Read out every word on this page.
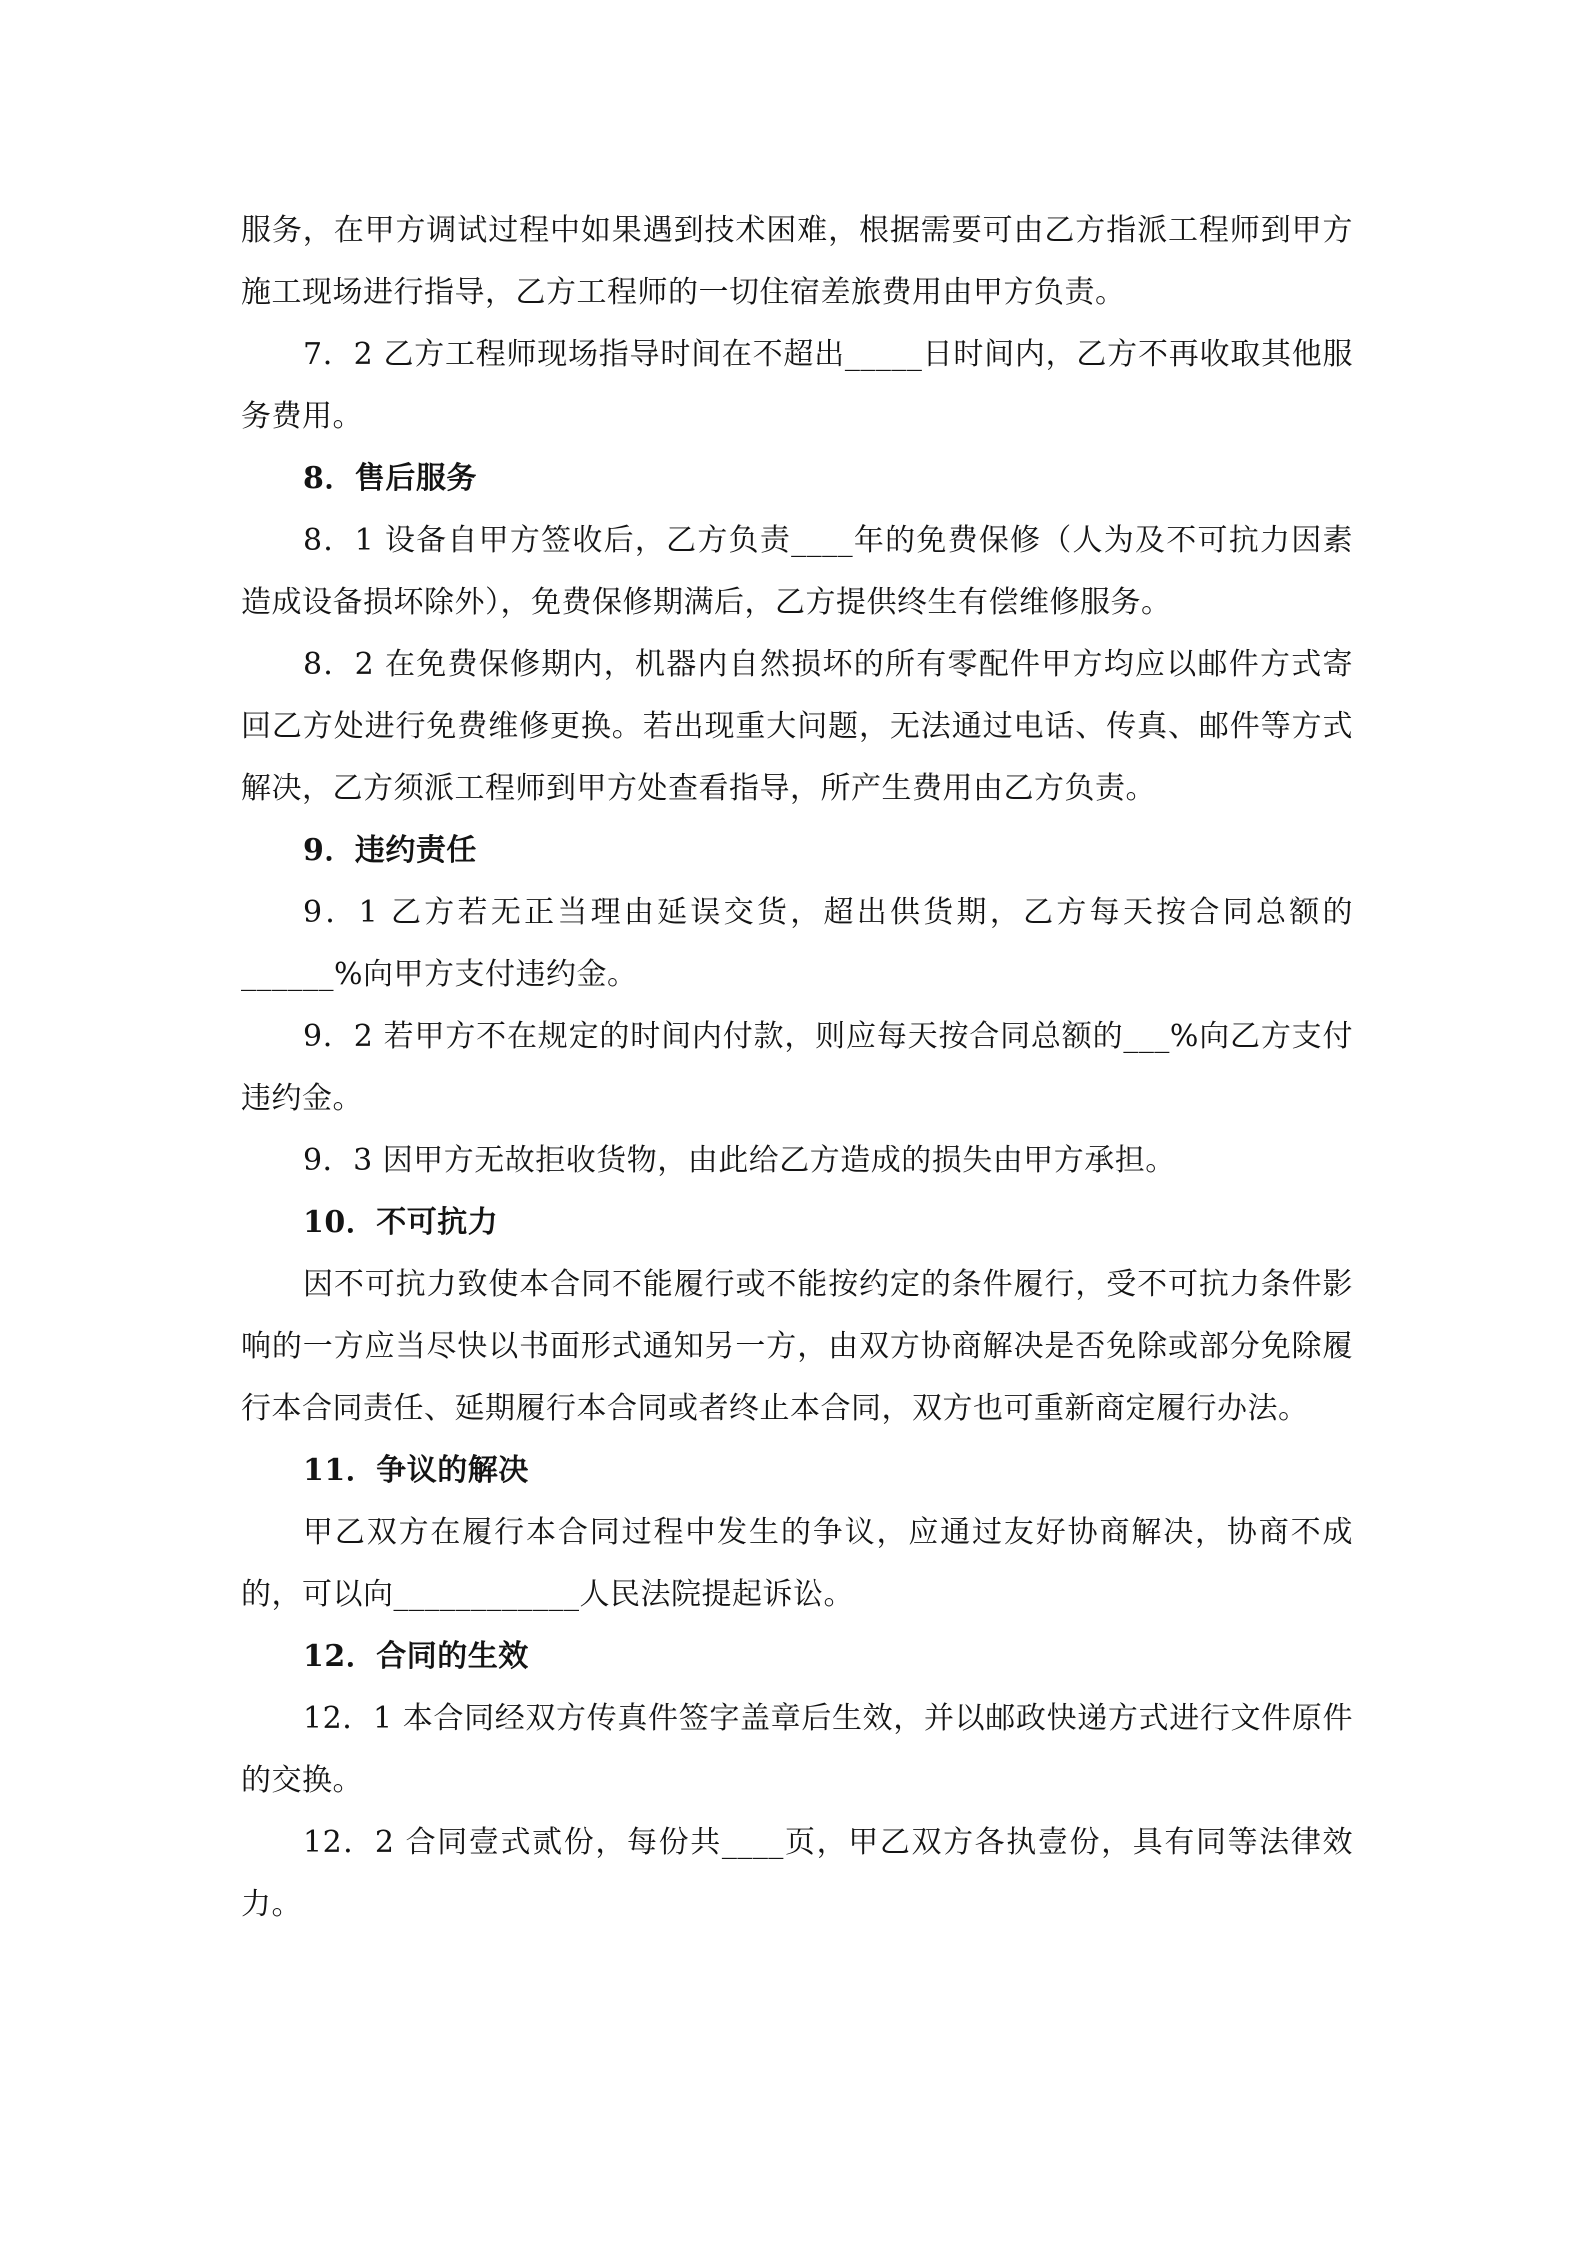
服务，在甲方调试过程中如果遇到技术困难，根据需要可由乙方指派工程师到甲方施工现场进行指导，乙方工程师的一切住宿差旅费用由甲方负责。

7．2 乙方工程师现场指导时间在不超出_____日时间内，乙方不再收取其他服务费用。

8．售后服务

8．1 设备自甲方签收后，乙方负责____年的免费保修（人为及不可抗力因素造成设备损坏除外），免费保修期满后，乙方提供终生有偿维修服务。

8．2 在免费保修期内，机器内自然损坏的所有零配件甲方均应以邮件方式寄回乙方处进行免费维修更换。若出现重大问题，无法通过电话、传真、邮件等方式解决，乙方须派工程师到甲方处查看指导，所产生费用由乙方负责。

9．违约责任

9．1 乙方若无正当理由延误交货，超出供货期，乙方每天按合同总额的______%向甲方支付违约金。

9．2 若甲方不在规定的时间内付款，则应每天按合同总额的___%向乙方支付违约金。

9．3 因甲方无故拒收货物，由此给乙方造成的损失由甲方承担。

10．不可抗力

因不可抗力致使本合同不能履行或不能按约定的条件履行，受不可抗力条件影响的一方应当尽快以书面形式通知另一方，由双方协商解决是否免除或部分免除履行本合同责任、延期履行本合同或者终止本合同，双方也可重新商定履行办法。

11．争议的解决

甲乙双方在履行本合同过程中发生的争议，应通过友好协商解决，协商不成的，可以向____________人民法院提起诉讼。

12．合同的生效

12．1 本合同经双方传真件签字盖章后生效，并以邮政快递方式进行文件原件的交换。

12．2 合同壹式贰份，每份共____页，甲乙双方各执壹份，具有同等法律效力。
